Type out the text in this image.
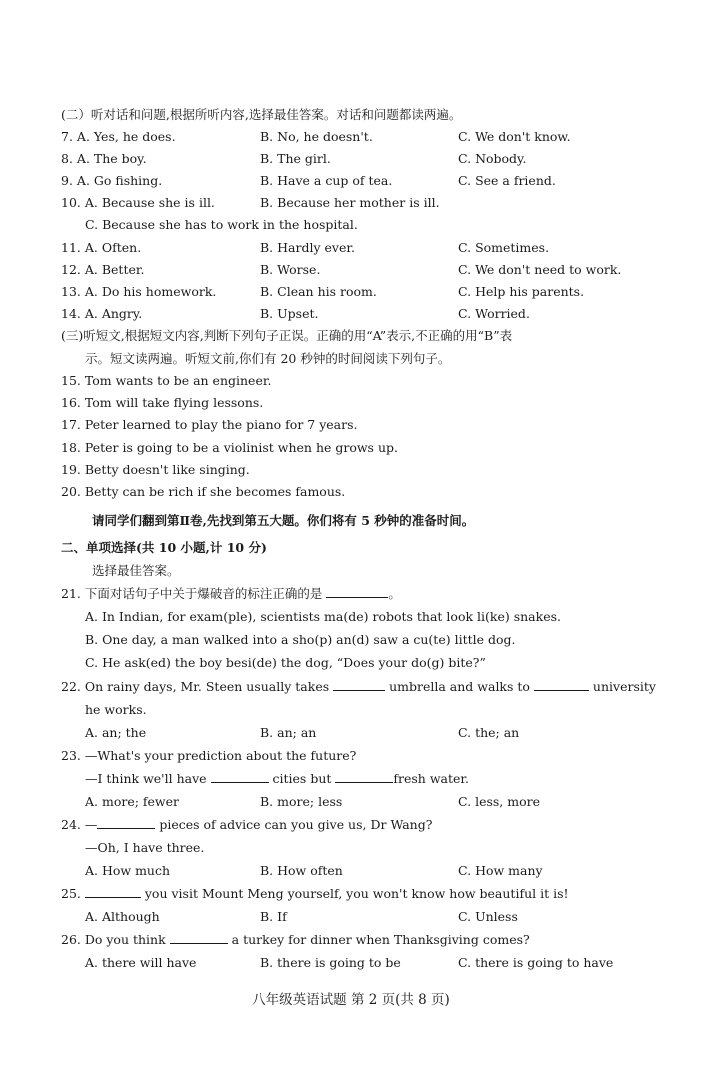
(二）听对话和问题,根据所听内容,选择最佳答案。对话和问题都读两遍。
7. A. Yes, he does.	B. No, he doesn't.	C. We don't know.
8. A. The boy.	B. The girl.	C. Nobody.
9. A. Go fishing.	B. Have a cup of tea.	C. See a friend.
10. A. Because she is ill.	B. Because her mother is ill.
C. Because she has to work in the hospital.
11. A. Often.	B. Hardly ever.	C. Sometimes.
12. A. Better.	B. Worse.	C. We don't need to work.
13. A. Do his homework.	B. Clean his room.	C. Help his parents.
14. A. Angry.	B. Upset.	C. Worried.
(三)听短文,根据短文内容,判断下列句子正误。正确的用“A”表示,不正确的用“B”表
示。短文读两遍。听短文前,你们有 20 秒钟的时间阅读下列句子。
15. Tom wants to be an engineer.
16. Tom will take flying lessons.
17. Peter learned to play the piano for 7 years.
18. Peter is going to be a violinist when he grows up.
19. Betty doesn't like singing.
20. Betty can be rich if she becomes famous.
请同学们翻到第Ⅱ卷,先找到第五大题。你们将有 5 秒钟的准备时间。
二、单项选择(共 10 小题,计 10 分)
选择最佳答案。
21. 下面对话句子中关于爆破音的标注正确的是	。
A. In Indian, for exam(ple), scientists ma(de) robots that look li(ke) snakes.
B. One day, a man walked into a sho(p) an(d) saw a cu(te) little dog.
C. He ask(ed) the boy besi(de) the dog, “Does your do(g) bite?”
22. On rainy days, Mr. Steen usually takes	umbrella and walks to	university
he works.
A. an; the	B. an; an	C. the; an
23. —What's your prediction about the future?
—I think we'll have	cities but	fresh water.
A. more; fewer	B. more; less	C. less, more
24. —	pieces of advice can you give us, Dr Wang?
—Oh, I have three.
A. How much	B. How often	C. How many
25.	you visit Mount Meng yourself, you won't know how beautiful it is!
A. Although	B. If	C. Unless
26. Do you think	a turkey for dinner when Thanksgiving comes?
A. there will have	B. there is going to be	C. there is going to have
八年级英语试题 第 2 页(共 8 页)
